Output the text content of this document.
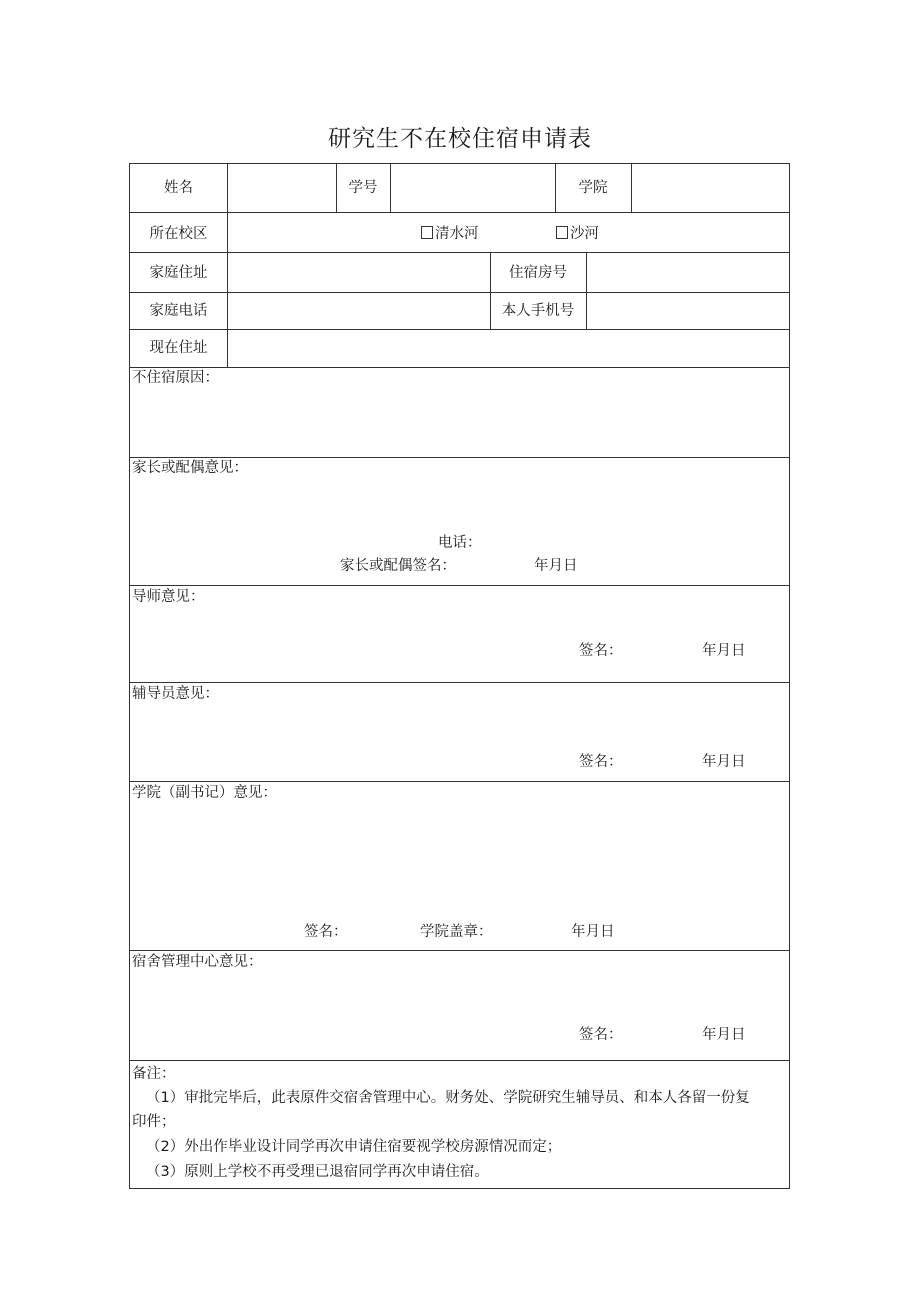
研究生不在校住宿申请表
姓名	学号	学院
所在校区	清水河	沙河
家庭住址	住宿房号
家庭电话	本人手机号
现在住址
不住宿原因：
家长或配偶意见：
电话：
家长或配偶签名：	年月日
导师意见：
签名：	年月日
辅导员意见：
签名：	年月日
学院（副书记）意见：
签名：	学院盖章：	年月日
宿舍管理中心意见：
签名：	年月日
备注：
（1）审批完毕后，此表原件交宿舍管理中心。财务处、学院研究生辅导员、和本人各留一份复
印件；
（2）外出作毕业设计同学再次申请住宿要视学校房源情况而定；
（3）原则上学校不再受理已退宿同学再次申请住宿。
